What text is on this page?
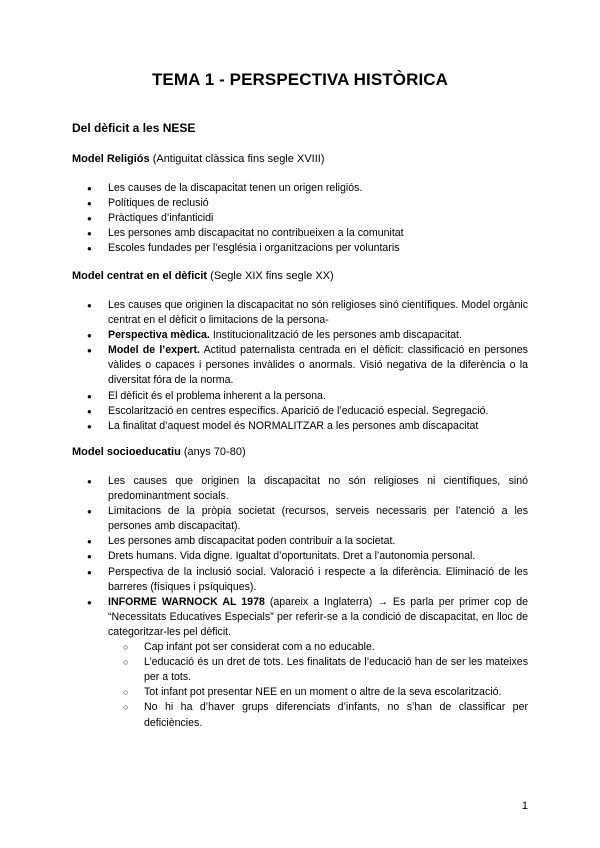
TEMA 1 - PERSPECTIVA HISTÒRICA
Del dèficit a les NESE
Model Religiós (Antiguitat clàssica fins segle XVIII)
● Les causes de la discapacitat tenen un origen religiós.
● Polítiques de reclusió
● Pràctiques d’infanticidi
● Les persones amb discapacitat no contribueixen a la comunitat
● Escoles fundades per l’església i organitzacions per voluntaris
Model centrat en el dèficit (Segle XIX fins segle XX)
● Les causes que originen la discapacitat no són religioses sinó científiques. Model orgànic centrat en el dèficit o limitacions de la persona-
● Perspectiva mèdica. Institucionalització de les persones amb discapacitat.
● Model de l’expert. Actitud paternalista centrada en el dèficit: classificació en persones vàlides o capaces i persones invàlides o anormals. Visió negativa de la diferència o la diversitat fóra de la norma.
● El dèficit és el problema inherent a la persona.
● Escolarització en centres específics. Aparició de l’educació especial. Segregació.
● La finalitat d’aquest model és NORMALITZAR a les persones amb discapacitat
Model socioeducatiu (anys 70-80)
● Les causes que originen la discapacitat no són religioses ni científiques, sinó predominantment socials.
● Limitacions de la pròpia societat (recursos, serveis necessaris per l’atenció a les persones amb discapacitat).
● Les persones amb discapacitat poden contribuir a la societat.
● Drets humans. Vida digne. Igualtat d’oportunitats. Dret a l’autonomia personal.
● Perspectiva de la inclusió social. Valoració i respecte a la diferència. Eliminació de les barreres (físiques i psíquiques).
● INFORME WARNOCK AL 1978 (apareix a Inglaterra) → Es parla per primer cop de “Necessitats Educatives Especials” per referir-se a la condició de discapacitat, en lloc de categoritzar-les pel dèficit.
○ Cap infant pot ser considerat com a no educable.
○ L’educació és un dret de tots. Les finalitats de l’educació han de ser les mateixes per a tots.
○ Tot infant pot presentar NEE en un moment o altre de la seva escolarització.
○ No hi ha d’haver grups diferenciats d’infants, no s’han de classificar per deficiències.
1
